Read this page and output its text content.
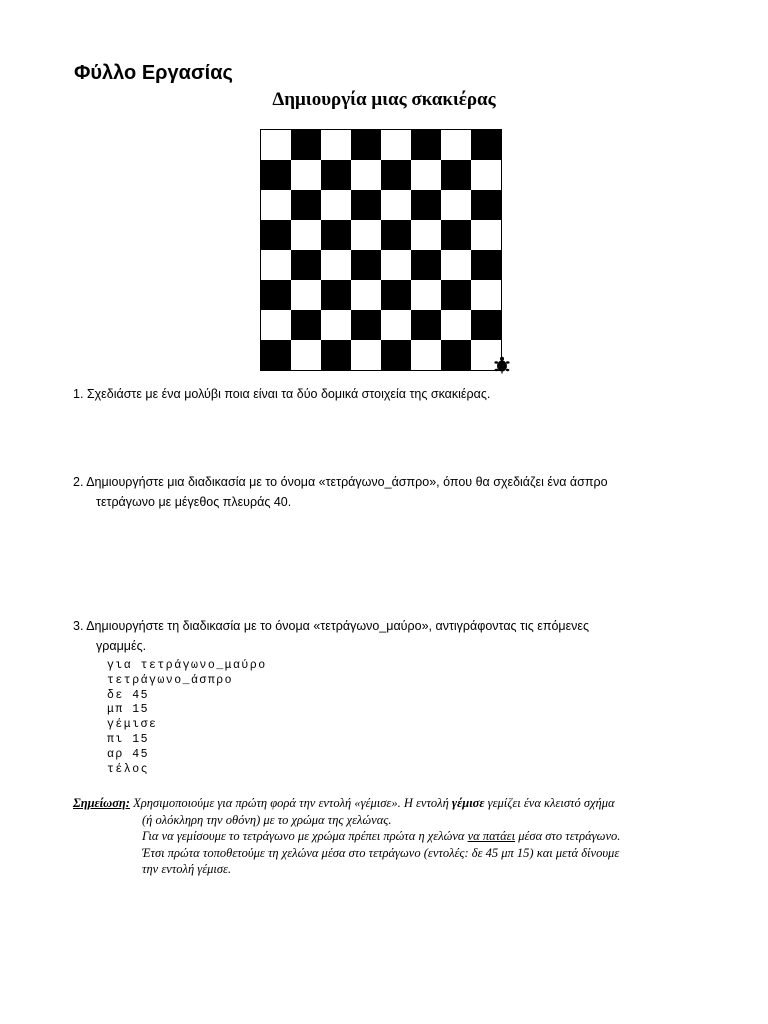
Φύλλο Εργασίας
Δημιουργία μιας σκακιέρας
1. Σχεδιάστε με ένα μολύβι ποια είναι τα δύο δομικά στοιχεία της σκακιέρας.
2. Δημιουργήστε μια διαδικασία με το όνομα «τετράγωνο_άσπρο», όπου θα σχεδιάζει ένα άσπρο
τετράγωνο με μέγεθος πλευράς 40.
3. Δημιουργήστε τη διαδικασία με το όνομα «τετράγωνο_μαύρο», αντιγράφοντας τις επόμενες
γραμμές.
για τετράγωνο_μαύρο
τετράγωνο_άσπρο
δε 45
μπ 15
γέμισε
πι 15
αρ 45
τέλος
Σημείωση: Χρησιμοποιούμε για πρώτη φορά την εντολή «γέμισε». Η εντολή γέμισε γεμίζει ένα κλειστό σχήμα
(ή ολόκληρη την οθόνη) με το χρώμα της χελώνας.
Για να γεμίσουμε το τετράγωνο με χρώμα πρέπει πρώτα η χελώνα να πατάει μέσα στο τετράγωνο.
Έτσι πρώτα τοποθετούμε τη χελώνα μέσα στο τετράγωνο (εντολές: δε 45 μπ 15) και μετά δίνουμε
την εντολή γέμισε.
